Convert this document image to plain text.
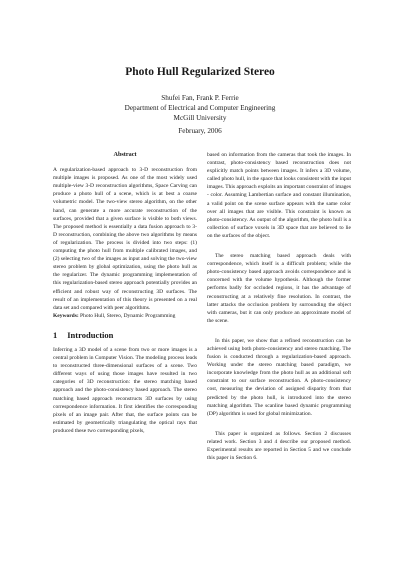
Photo Hull Regularized Stereo
Shufei Fan, Frank P. Ferrie
Department of Electrical and Computer Engineering
McGill University
February, 2006
Abstract

A regularization-based approach to 3-D reconstruction from multiple images is proposed. As one of the most widely used multiple-view 3-D reconstruction algorithms, Space Carving can produce a photo hull of a scene, which is at best a coarse volumetric model. The two-view stereo algorithm, on the other hand, can generate a more accurate reconstruction of the surfaces, provided that a given surface is visible to both views. The proposed method is essentially a data fusion approach to 3-D reconstruction, combining the above two algorithms by means of regularization. The process is divided into two steps: (1) computing the photo hull from multiple calibrated images, and (2) selecting two of the images as input and solving the two-view stereo problem by global optimization, using the photo hull as the regularizer. The dynamic programming implementation of this regularization-based stereo approach potentially provides an efficient and robust way of reconstructing 3D surfaces. The result of an implementation of this theory is presented on a real data set and compared with peer algorithms.

Keywords: Photo Hull, Stereo, Dynamic Programming

1 Introduction

Inferring a 3D model of a scene from two or more images is a central problem in Computer Vision. The modeling process leads to reconstructed three-dimensional surfaces of a scene. Two different ways of using those images have resulted in two categories of 3D reconstruction: the stereo matching based approach and the photo-consistency based approach. The stereo matching based approach reconstructs 3D surfaces by using correspondence information. It first identifies the corresponding pixels of an image pair. After that, the surface points can be estimated by geometrically triangulating the optical rays that produced these two corresponding pixels,

based on information from the cameras that took the images. In contrast, photo-consistency based reconstruction does not explicitly match points between images. It infers a 3D volume, called photo hull, in the space that looks consistent with the input images. This approach exploits an important constraint of images - color. Assuming Lambertian surface and constant illumination, a valid point on the scene surface appears with the same color over all images that are visible. This constraint is known as photo-consistency. As output of the algorithm, the photo hull is a collection of surface voxels in 3D space that are believed to lie on the surfaces of the object.

The stereo matching based approach deals with correspondence, which itself is a difficult problem; while the photo-consistency based approach avoids correspondence and is concerned with the volume hypothesis. Although the former performs badly for occluded regions, it has the advantage of reconstructing at a relatively fine resolution. In contrast, the latter attacks the occlusion problem by surrounding the object with cameras, but it can only produce an approximate model of the scene.

In this paper, we show that a refined reconstruction can be achieved using both photo-consistency and stereo matching. The fusion is conducted through a regularization-based approach. Working under the stereo matching based paradigm, we incorporate knowledge from the photo hull as an additional soft constraint to our surface reconstruction. A photo-consistency cost, measuring the deviation of assigned disparity from that predicted by the photo hull, is introduced into the stereo matching algorithm. The scanline based dynamic programming (DP) algorithm is used for global minimization.

This paper is organized as follows. Section 2 discusses related work. Section 3 and 4 describe our proposed method. Experimental results are reported in Section 5 and we conclude this paper in Section 6.
